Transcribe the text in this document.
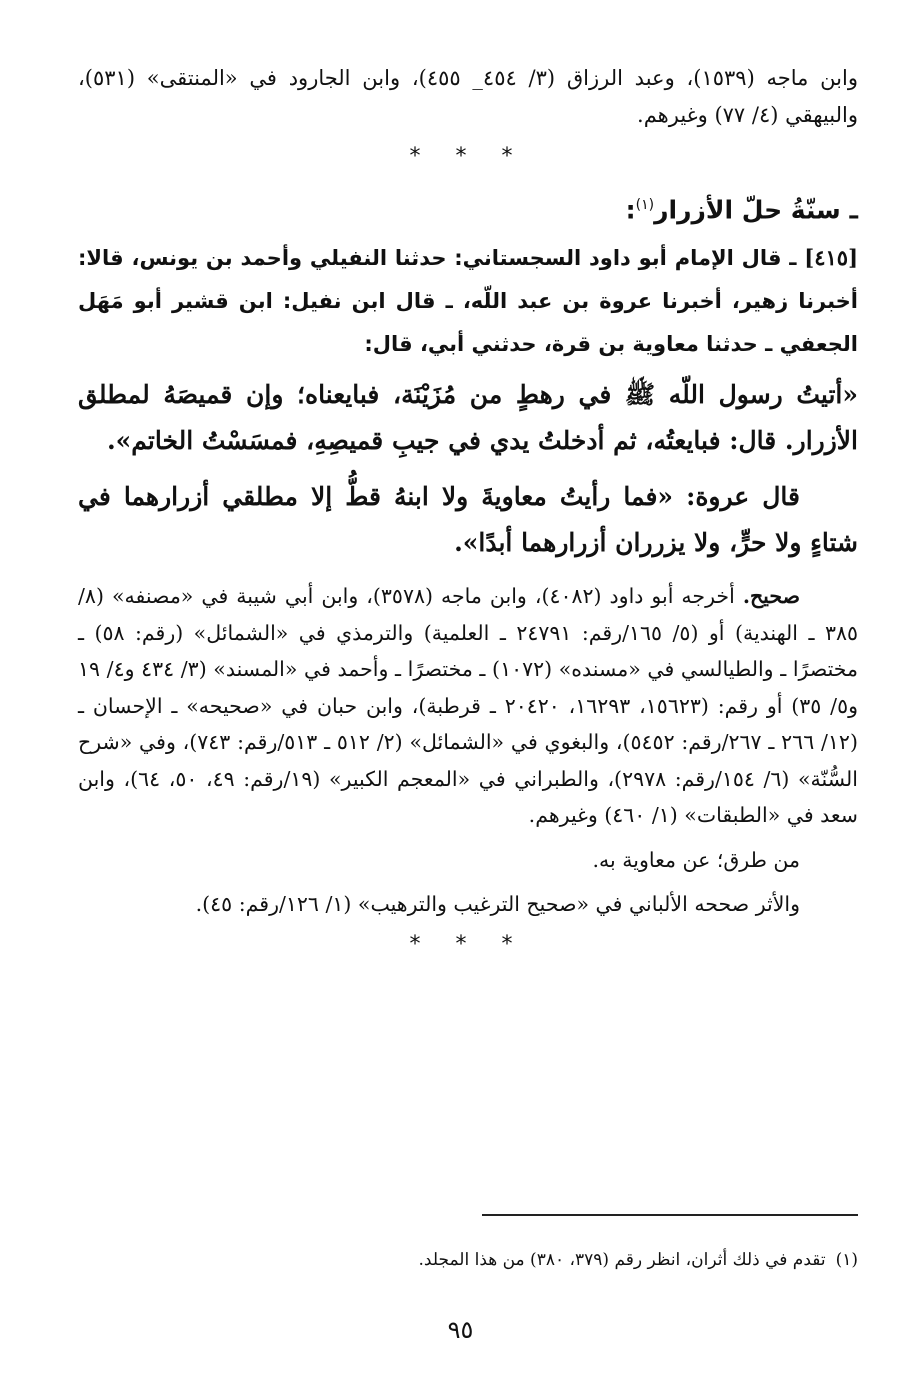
وابن ماجه (١٥٣٩)، وعبد الرزاق (٣/ ٤٥٤_ ٤٥٥)، وابن الجارود في «المنتقى» (٥٣١)، والبيهقي (٤/ ٧٧) وغيرهم.

* * *
ـ سنّةُ حلّ الأزرار$^{(١)}$:

[٤١٥] ـ قال الإمام أبو داود السجستاني: حدثنا النفيلي وأحمد بن يونس، قالا: أخبرنا زهير، أخبرنا عروة بن عبد اللّه، ـ قال ابن نفيل: ابن قشير أبو مَهَل الجعفي ـ حدثنا معاوية بن قرة، حدثني أبي، قال:

«أتيتُ رسول اللّه ﷺ في رهطٍ من مُزَيْنَة، فبايعناه؛ وإن قميصَهُ لمطلق الأزرار. قال: فبايعتُه، ثم أدخلتُ يدي في جيبِ قميصِهِ، فمسَسْتُ الخاتم».

قال عروة: «فما رأيتُ معاويةَ ولا ابنهُ قطُّ إلا مطلقي أزرارهما في شتاءٍ ولا حرٍّ، ولا يزرران أزرارهما أبدًا».

صحيح. أخرجه أبو داود (٤٠٨٢)، وابن ماجه (٣٥٧٨)، وابن أبي شيبة في «مصنفه» (٨/ ٣٨٥ ـ الهندية) أو (٥/ ١٦٥/رقم: ٢٤٧٩١ ـ العلمية) والترمذي في «الشمائل» (رقم: ٥٨) ـ مختصرًا ـ والطيالسي في «مسنده» (١٠٧٢) ـ مختصرًا ـ وأحمد في «المسند» (٣/ ٤٣٤ و٤/ ١٩ و٥/ ٣٥) أو رقم: (١٥٦٢٣، ١٦٢٩٣، ٢٠٤٢٠ ـ قرطبة)، وابن حبان في «صحيحه» ـ الإحسان ـ (١٢/ ٢٦٦ ـ ٢٦٧/رقم: ٥٤٥٢)، والبغوي في «الشمائل» (٢/ ٥١٢ ـ ٥١٣/رقم: ٧٤٣)، وفي «شرح السُّنّة» (٦/ ١٥٤/رقم: ٢٩٧٨)، والطبراني في «المعجم الكبير» (١٩/رقم: ٤٩، ٥٠، ٦٤)، وابن سعد في «الطبقات» (١/ ٤٦٠) وغيرهم.

من طرق؛ عن معاوية به.

والأثر صححه الألباني في «صحيح الترغيب والترهيب» (١/ ١٢٦/رقم: ٤٥).

* * *
(١)تقدم في ذلك أثران، انظر رقم (٣٧٩، ٣٨٠) من هذا المجلد.
٩٥
